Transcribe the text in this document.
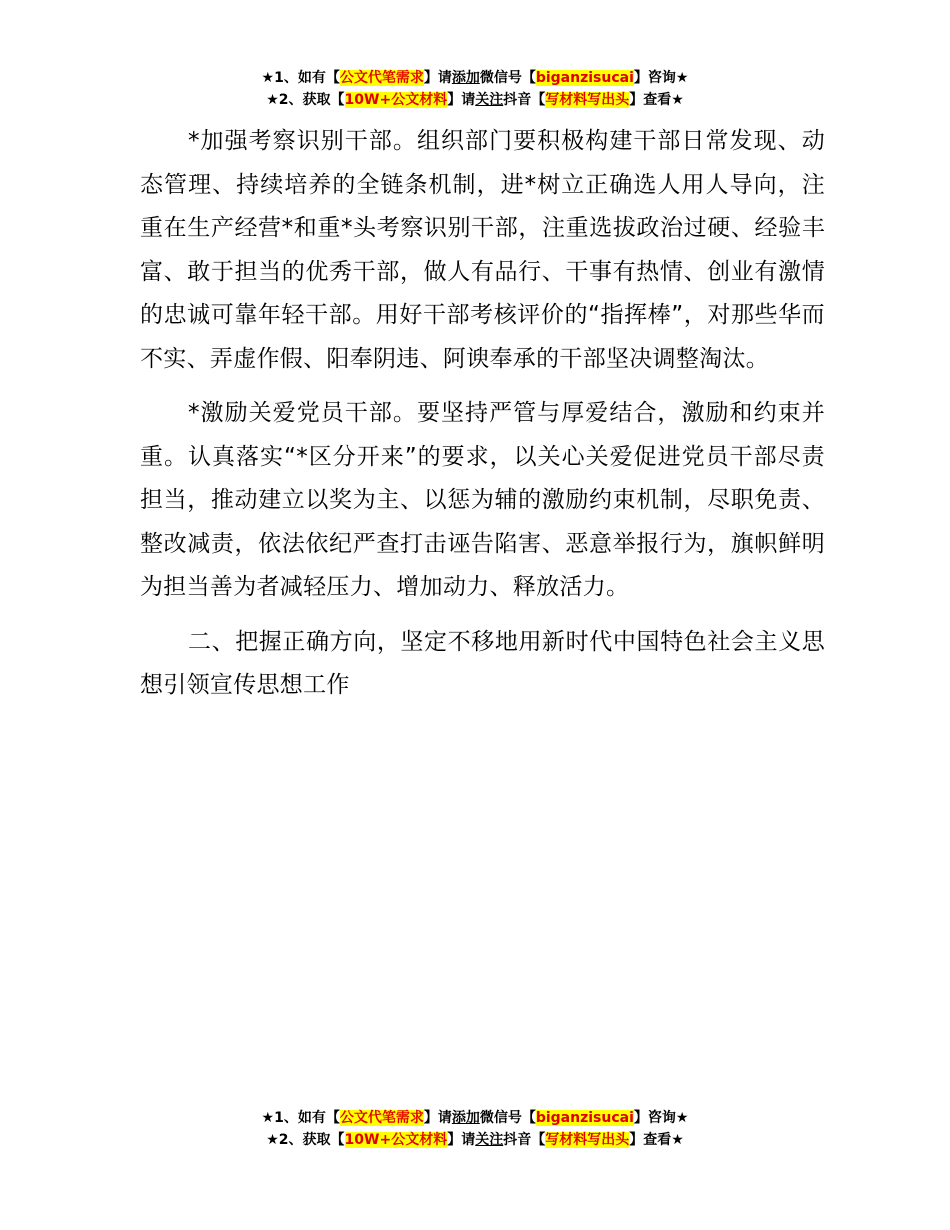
★1、如有【公文代笔需求】请添加微信号【biganzisucai】咨询★
★2、获取【10W+公文材料】请关注抖音【写材料写出头】查看★

*加强考察识别干部。组织部门要积极构建干部日常发现、动态管理、持续培养的全链条机制，进*树立正确选人用人导向，注重在生产经营*和重*头考察识别干部，注重选拔政治过硬、经验丰富、敢于担当的优秀干部，做人有品行、干事有热情、创业有激情的忠诚可靠年轻干部。用好干部考核评价的“指挥棒”，对那些华而不实、弄虚作假、阳奉阴违、阿谀奉承的干部坚决调整淘汰。

*激励关爱党员干部。要坚持严管与厚爱结合，激励和约束并重。认真落实“*区分开来”的要求，以关心关爱促进党员干部尽责担当，推动建立以奖为主、以惩为辅的激励约束机制，尽职免责、整改减责，依法依纪严查打击诬告陷害、恶意举报行为，旗帜鲜明为担当善为者减轻压力、增加动力、释放活力。

二、把握正确方向，坚定不移地用新时代中国特色社会主义思想引领宣传思想工作

★1、如有【公文代笔需求】请添加微信号【biganzisucai】咨询★
★2、获取【10W+公文材料】请关注抖音【写材料写出头】查看★
